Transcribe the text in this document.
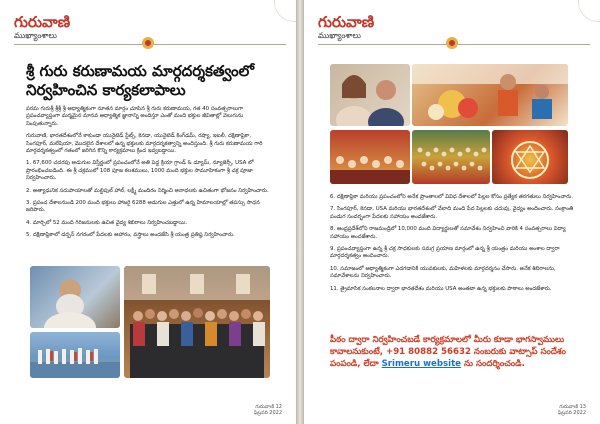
గురువాణి
ముఖ్యాంశాలు
శ్రీ గురు కరుణామయ మార్గదర్శకత్వంలో
నిర్వహించిన కార్యకలాపాలు

పరమ గురుశ్రీ శ్రీశ్రీ శ్రీ ఆధ్యాత్మికంగా నూతన మార్గం చూపిన శ్రీ గురు కరుణామయ, గత 40 సంవత్సరాలుగా ప్రపంచవ్యాప్తంగా మర్మమైన మానవ ఆధ్యాత్మిక జ్ఞానాన్ని అందిస్తూ ఎంతో మంది భక్తుల జీవితాల్లో వెలుగును నింపుతున్నారు.

గురువాణి, భారతదేశంలోనే కాకుండా యునైటెడ్ స్టేట్స్, కెనడా, యునైటెడ్ కింగ్‌డమ్, రష్యా, ఇటలీ, దక్షిణాఫ్రికా, సింగపూర్, మలేషియా, మొదలైన దేశాలలో ఉన్న భక్తులకు మార్గదర్శకత్వాన్ని అందిస్తుంది. శ్రీ గురు కరుణామయ గారి మార్గదర్శకత్వంలో గతంలో జరిగిన కొన్ని కార్యక్రమాలు క్రింద ఇవ్వబడ్డాయి.

1. 67,600 చదరపు అడుగుల విస్తీర్ణంలో ప్రపంచంలోనే అతి పెద్ద క్రియా గ్రాండ్ & డ్యూమ్, న్యూజెర్సీ, USA లో ప్రారంభించబడింది. ఈ శ్రీ చక్రములో 108 పూజ కలశములు, 1000 మంది భక్తుల సామూహికంగా శ్రీ చక్ర పూజా నిర్వహించారు.

2. అత్యాధునిక సదుపాయాలతో మల్టిపుల్ హాల్, లక్ష్మీ మందిరం నిర్మించి అనాధలకు ఉచితంగా భోజనం నిర్వహించారు.

3. ప్రపంచ దేశాలనుండి 200 మంది భక్తులు హాజరై 6288 అడుగుల ఎత్తులో ఉన్న హిమాలయాల్లో తపస్సు సాధన జరిపారు.

4. మార్చిలో 52 మంది గిరిజనులకు ఉచిత వైద్య శిబిరాలు నిర్వహించబడ్డాయి.

5. దక్షిణాఫ్రికాలో డర్బన్ నగరంలో పేదలకు ఆహారం, వస్త్రాలు అందజేసి శ్రీ యంత్ర ప్రతిష్ఠ నిర్వహించారు.

గురువాణి 12
ఫిబ్రవరి 2022
గురువాణి
ముఖ్యాంశాలు

6. దక్షిణాఫ్రికా మరియు ప్రపంచంలోని అనేక ప్రాంతాలలో వివిధ దేశాలలో పిల్లల కోసం ప్రత్యేక తరగతులు నిర్వహించారు.

7. సింగపూర్, కెనడా, USA మరియు భారతదేశంలో వేలాది మంది పేద పిల్లలకు చదువు, వైద్యం అందించారు. సంక్రాంతి పండుగ సందర్భంగా పేదలకు సహాయం అందజేశారు.

8. ఆంధ్రప్రదేశ్‌లోని రాజమండ్రిలో 10,000 మంది విద్యార్థులతో సమావేశం నిర్వహించి వారికి 4 సంవత్సరాలు విద్యా సహాయం అందజేశారు.

9. ప్రపంచవ్యాప్తంగా ఉన్న శ్రీ చక్ర సాధకులకు సమగ్ర ప్రయాణ మార్గంలో ఉన్న శ్రీ యంత్రం మరియు అంశాల ద్వారా మార్గదర్శకత్వం అందించారు.

10. సమాజంలో ఆధ్యాత్మికంగా ఎదగడానికి యువకులకు, మహిళలకు మార్గదర్శనం చేసారు. అనేక శిబిరాలను, సమావేశాలను నిర్వహించారు.

11. త్రైమాసిక సంకలనాల ద్వారా భారతదేశం మరియు USA అంతటా ఉన్న భక్తులకు పాఠాలు అందజేశారు.

పీఠం ద్వారా నిర్వహించబడే కార్యక్రమాలలో మీరు కూడా భాగస్వాములు కావాలనుకుంటే, +91 80882 56632 నంబరుకు వాట్సాప్ సందేశం పంపండి, లేదా Srimeru website ను సందర్శించండి.
గురువాణి 13
ఫిబ్రవరి 2022
